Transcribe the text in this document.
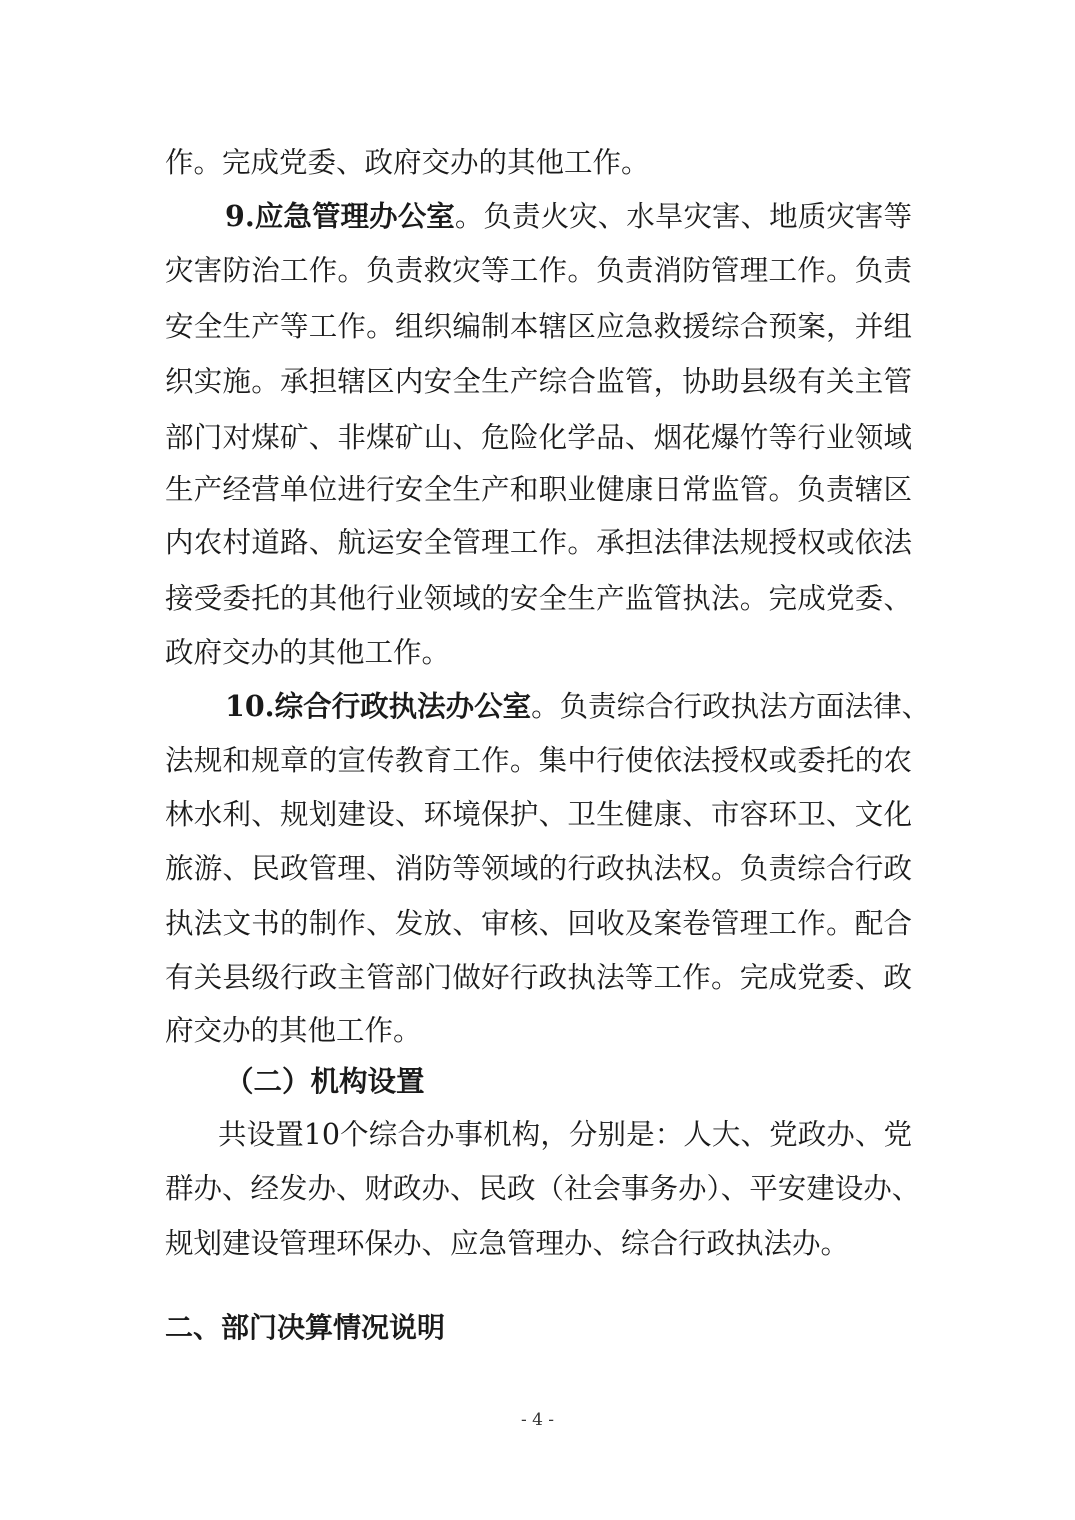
作。完成党委、政府交办的其他工作。
9.应急管理办公室。负责火灾、水旱灾害、地质灾害等
灾害防治工作。负责救灾等工作。负责消防管理工作。负责
安全生产等工作。组织编制本辖区应急救援综合预案，并组
织实施。承担辖区内安全生产综合监管，协助县级有关主管
部门对煤矿、非煤矿山、危险化学品、烟花爆竹等行业领域
生产经营单位进行安全生产和职业健康日常监管。负责辖区
内农村道路、航运安全管理工作。承担法律法规授权或依法
接受委托的其他行业领域的安全生产监管执法。完成党委、
政府交办的其他工作。
10.综合行政执法办公室。负责综合行政执法方面法律、
法规和规章的宣传教育工作。集中行使依法授权或委托的农
林水利、规划建设、环境保护、卫生健康、市容环卫、文化
旅游、民政管理、消防等领域的行政执法权。负责综合行政
执法文书的制作、发放、审核、回收及案卷管理工作。配合
有关县级行政主管部门做好行政执法等工作。完成党委、政
府交办的其他工作。
（二）机构设置
共设置10个综合办事机构，分别是：人大、党政办、党
群办、经发办、财政办、民政（社会事务办）、平安建设办、
规划建设管理环保办、应急管理办、综合行政执法办。
二、部门决算情况说明
- 4 -
